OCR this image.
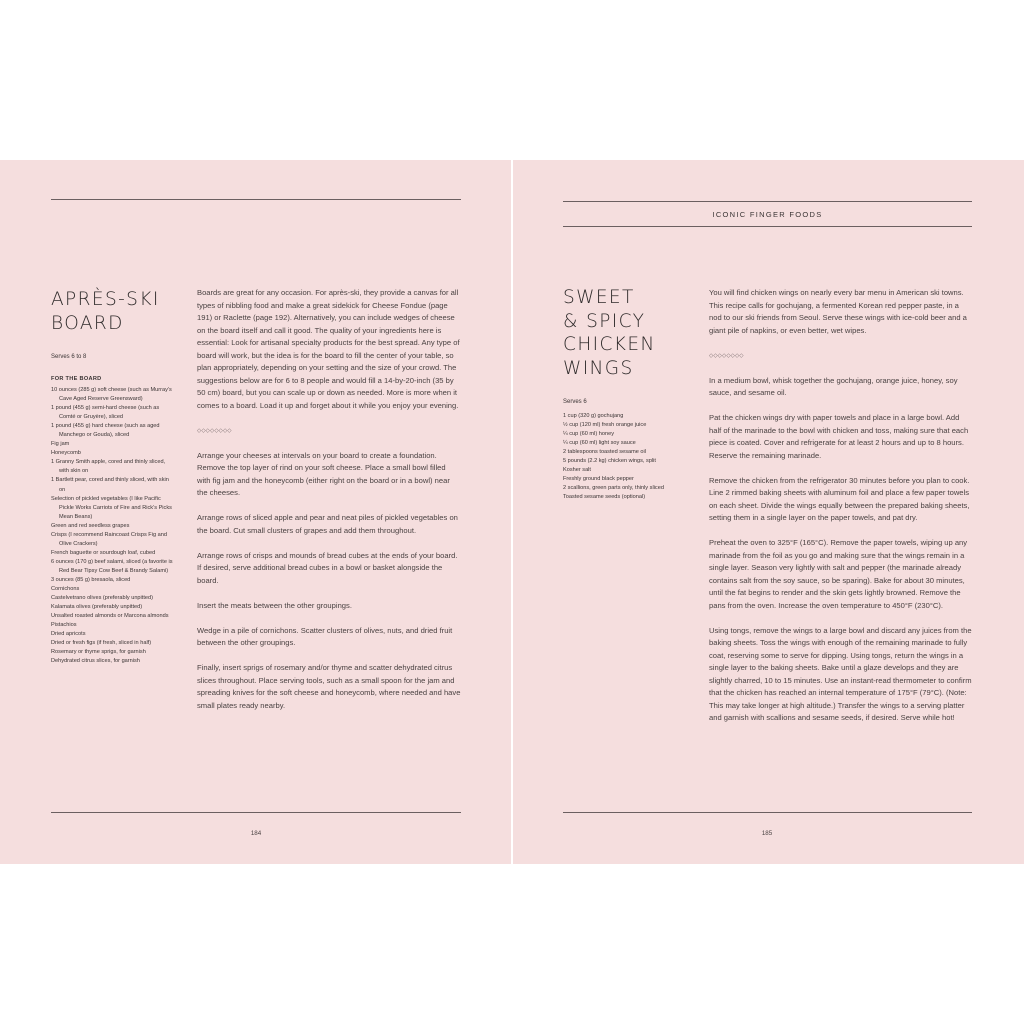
APRÈS-SKI
BOARD
Serves 6 to 8
FOR THE BOARD
10 ounces (285 g) soft cheese (such as Murray’s Cave Aged Reserve Greensward)
1 pound (455 g) semi-hard cheese (such as Comté or Gruyère), sliced
1 pound (455 g) hard cheese (such as aged Manchego or Gouda), sliced
Fig jam
Honeycomb
1 Granny Smith apple, cored and thinly sliced, with skin on
1 Bartlett pear, cored and thinly sliced, with skin on
Selection of pickled vegetables (I like Pacific Pickle Works Carriots of Fire and Rick’s Picks Mean Beans)
Green and red seedless grapes
Crisps (I recommend Raincoast Crisps Fig and Olive Crackers)
French baguette or sourdough loaf, cubed
6 ounces (170 g) beef salami, sliced (a favorite is Red Bear Tipsy Cow Beef & Brandy Salami)
3 ounces (85 g) bresaola, sliced
Cornichons
Castelvetrano olives (preferably unpitted)
Kalamata olives (preferably unpitted)
Unsalted roasted almonds or Marcona almonds
Pistachios
Dried apricots
Dried or fresh figs (if fresh, sliced in half)
Rosemary or thyme sprigs, for garnish
Dehydrated citrus slices, for garnish

Boards are great for any occasion. For après-ski, they provide a canvas for all types of nibbling food and make a great sidekick for Cheese Fondue (page 191) or Raclette (page 192). Alternatively, you can include wedges of cheese on the board itself and call it good. The quality of your ingredients here is essential: Look for artisanal specialty products for the best spread. Any type of board will work, but the idea is for the board to fill the center of your table, so plan appropriately, depending on your setting and the size of your crowd. The suggestions below are for 6 to 8 people and would fill a 14-by-20-inch (35 by 50 cm) board, but you can scale up or down as needed. More is more when it comes to a board. Load it up and forget about it while you enjoy your evening.

◇◇◇◇◇◇◇◇

Arrange your cheeses at intervals on your board to create a foundation. Remove the top layer of rind on your soft cheese. Place a small bowl filled with fig jam and the honeycomb (either right on the board or in a bowl) near the cheeses.

Arrange rows of sliced apple and pear and neat piles of pickled vegetables on the board. Cut small clusters of grapes and add them throughout.

Arrange rows of crisps and mounds of bread cubes at the ends of your board. If desired, serve additional bread cubes in a bowl or basket alongside the board.

Insert the meats between the other groupings.

Wedge in a pile of cornichons. Scatter clusters of olives, nuts, and dried fruit between the other groupings.

Finally, insert sprigs of rosemary and/or thyme and scatter dehydrated citrus slices throughout. Place serving tools, such as a small spoon for the jam and spreading knives for the soft cheese and honeycomb, where needed and have small plates ready nearby.

184
ICONIC FINGER FOODS
SWEET
& SPICY
CHICKEN
WINGS
Serves 6
1 cup (320 g) gochujang
½ cup (120 ml) fresh orange juice
¼ cup (60 ml) honey
¼ cup (60 ml) light soy sauce
2 tablespoons toasted sesame oil
5 pounds (2.2 kg) chicken wings, split
Kosher salt
Freshly ground black pepper
2 scallions, green parts only, thinly sliced
Toasted sesame seeds (optional)

You will find chicken wings on nearly every bar menu in American ski towns. This recipe calls for gochujang, a fermented Korean red pepper paste, in a nod to our ski friends from Seoul. Serve these wings with ice-cold beer and a giant pile of napkins, or even better, wet wipes.

◇◇◇◇◇◇◇◇

In a medium bowl, whisk together the gochujang, orange juice, honey, soy sauce, and sesame oil.

Pat the chicken wings dry with paper towels and place in a large bowl. Add half of the marinade to the bowl with chicken and toss, making sure that each piece is coated. Cover and refrigerate for at least 2 hours and up to 8 hours. Reserve the remaining marinade.

Remove the chicken from the refrigerator 30 minutes before you plan to cook. Line 2 rimmed baking sheets with aluminum foil and place a few paper towels on each sheet. Divide the wings equally between the prepared baking sheets, setting them in a single layer on the paper towels, and pat dry.

Preheat the oven to 325°F (165°C). Remove the paper towels, wiping up any marinade from the foil as you go and making sure that the wings remain in a single layer. Season very lightly with salt and pepper (the marinade already contains salt from the soy sauce, so be sparing). Bake for about 30 minutes, until the fat begins to render and the skin gets lightly browned. Remove the pans from the oven. Increase the oven temperature to 450°F (230°C).

Using tongs, remove the wings to a large bowl and discard any juices from the baking sheets. Toss the wings with enough of the remaining marinade to fully coat, reserving some to serve for dipping. Using tongs, return the wings in a single layer to the baking sheets. Bake until a glaze develops and they are slightly charred, 10 to 15 minutes. Use an instant-read thermometer to confirm that the chicken has reached an internal temperature of 175°F (79°C). (Note: This may take longer at high altitude.) Transfer the wings to a serving platter and garnish with scallions and sesame seeds, if desired. Serve while hot!

185
